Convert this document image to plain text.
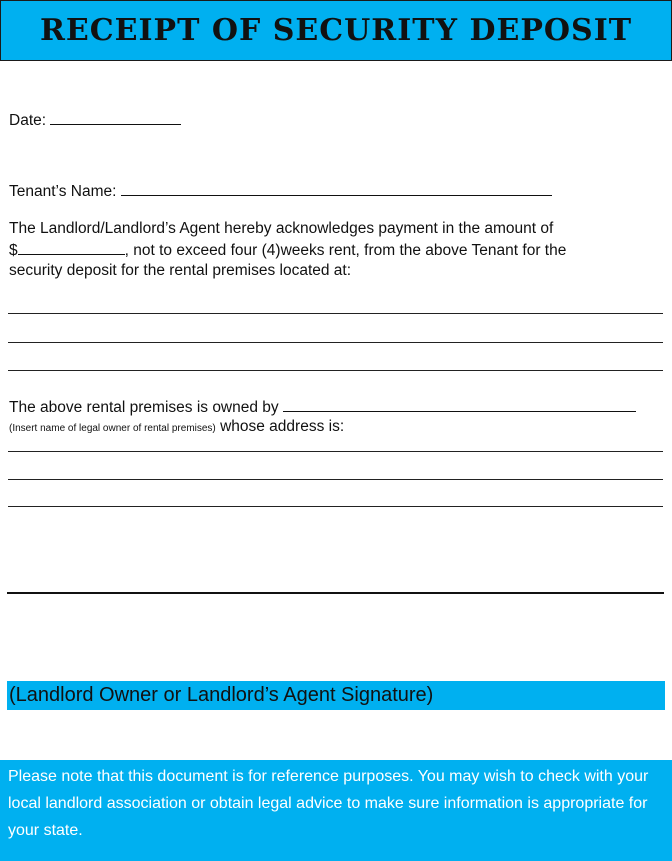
RECEIPT OF SECURITY DEPOSIT
Date:
Tenant’s Name:
The Landlord/Landlord’s Agent hereby acknowledges payment in the amount of
$	, not to exceed four (4)weeks rent, from the above Tenant for the
security deposit for the rental premises located at:
The above rental premises is owned by
(Insert name of legal owner of rental premises) whose address is:
(Landlord Owner or Landlord’s Agent Signature)

Please note that this document is for reference purposes. You may wish to check with your local landlord association or obtain legal advice to make sure information is appropriate for your state.
